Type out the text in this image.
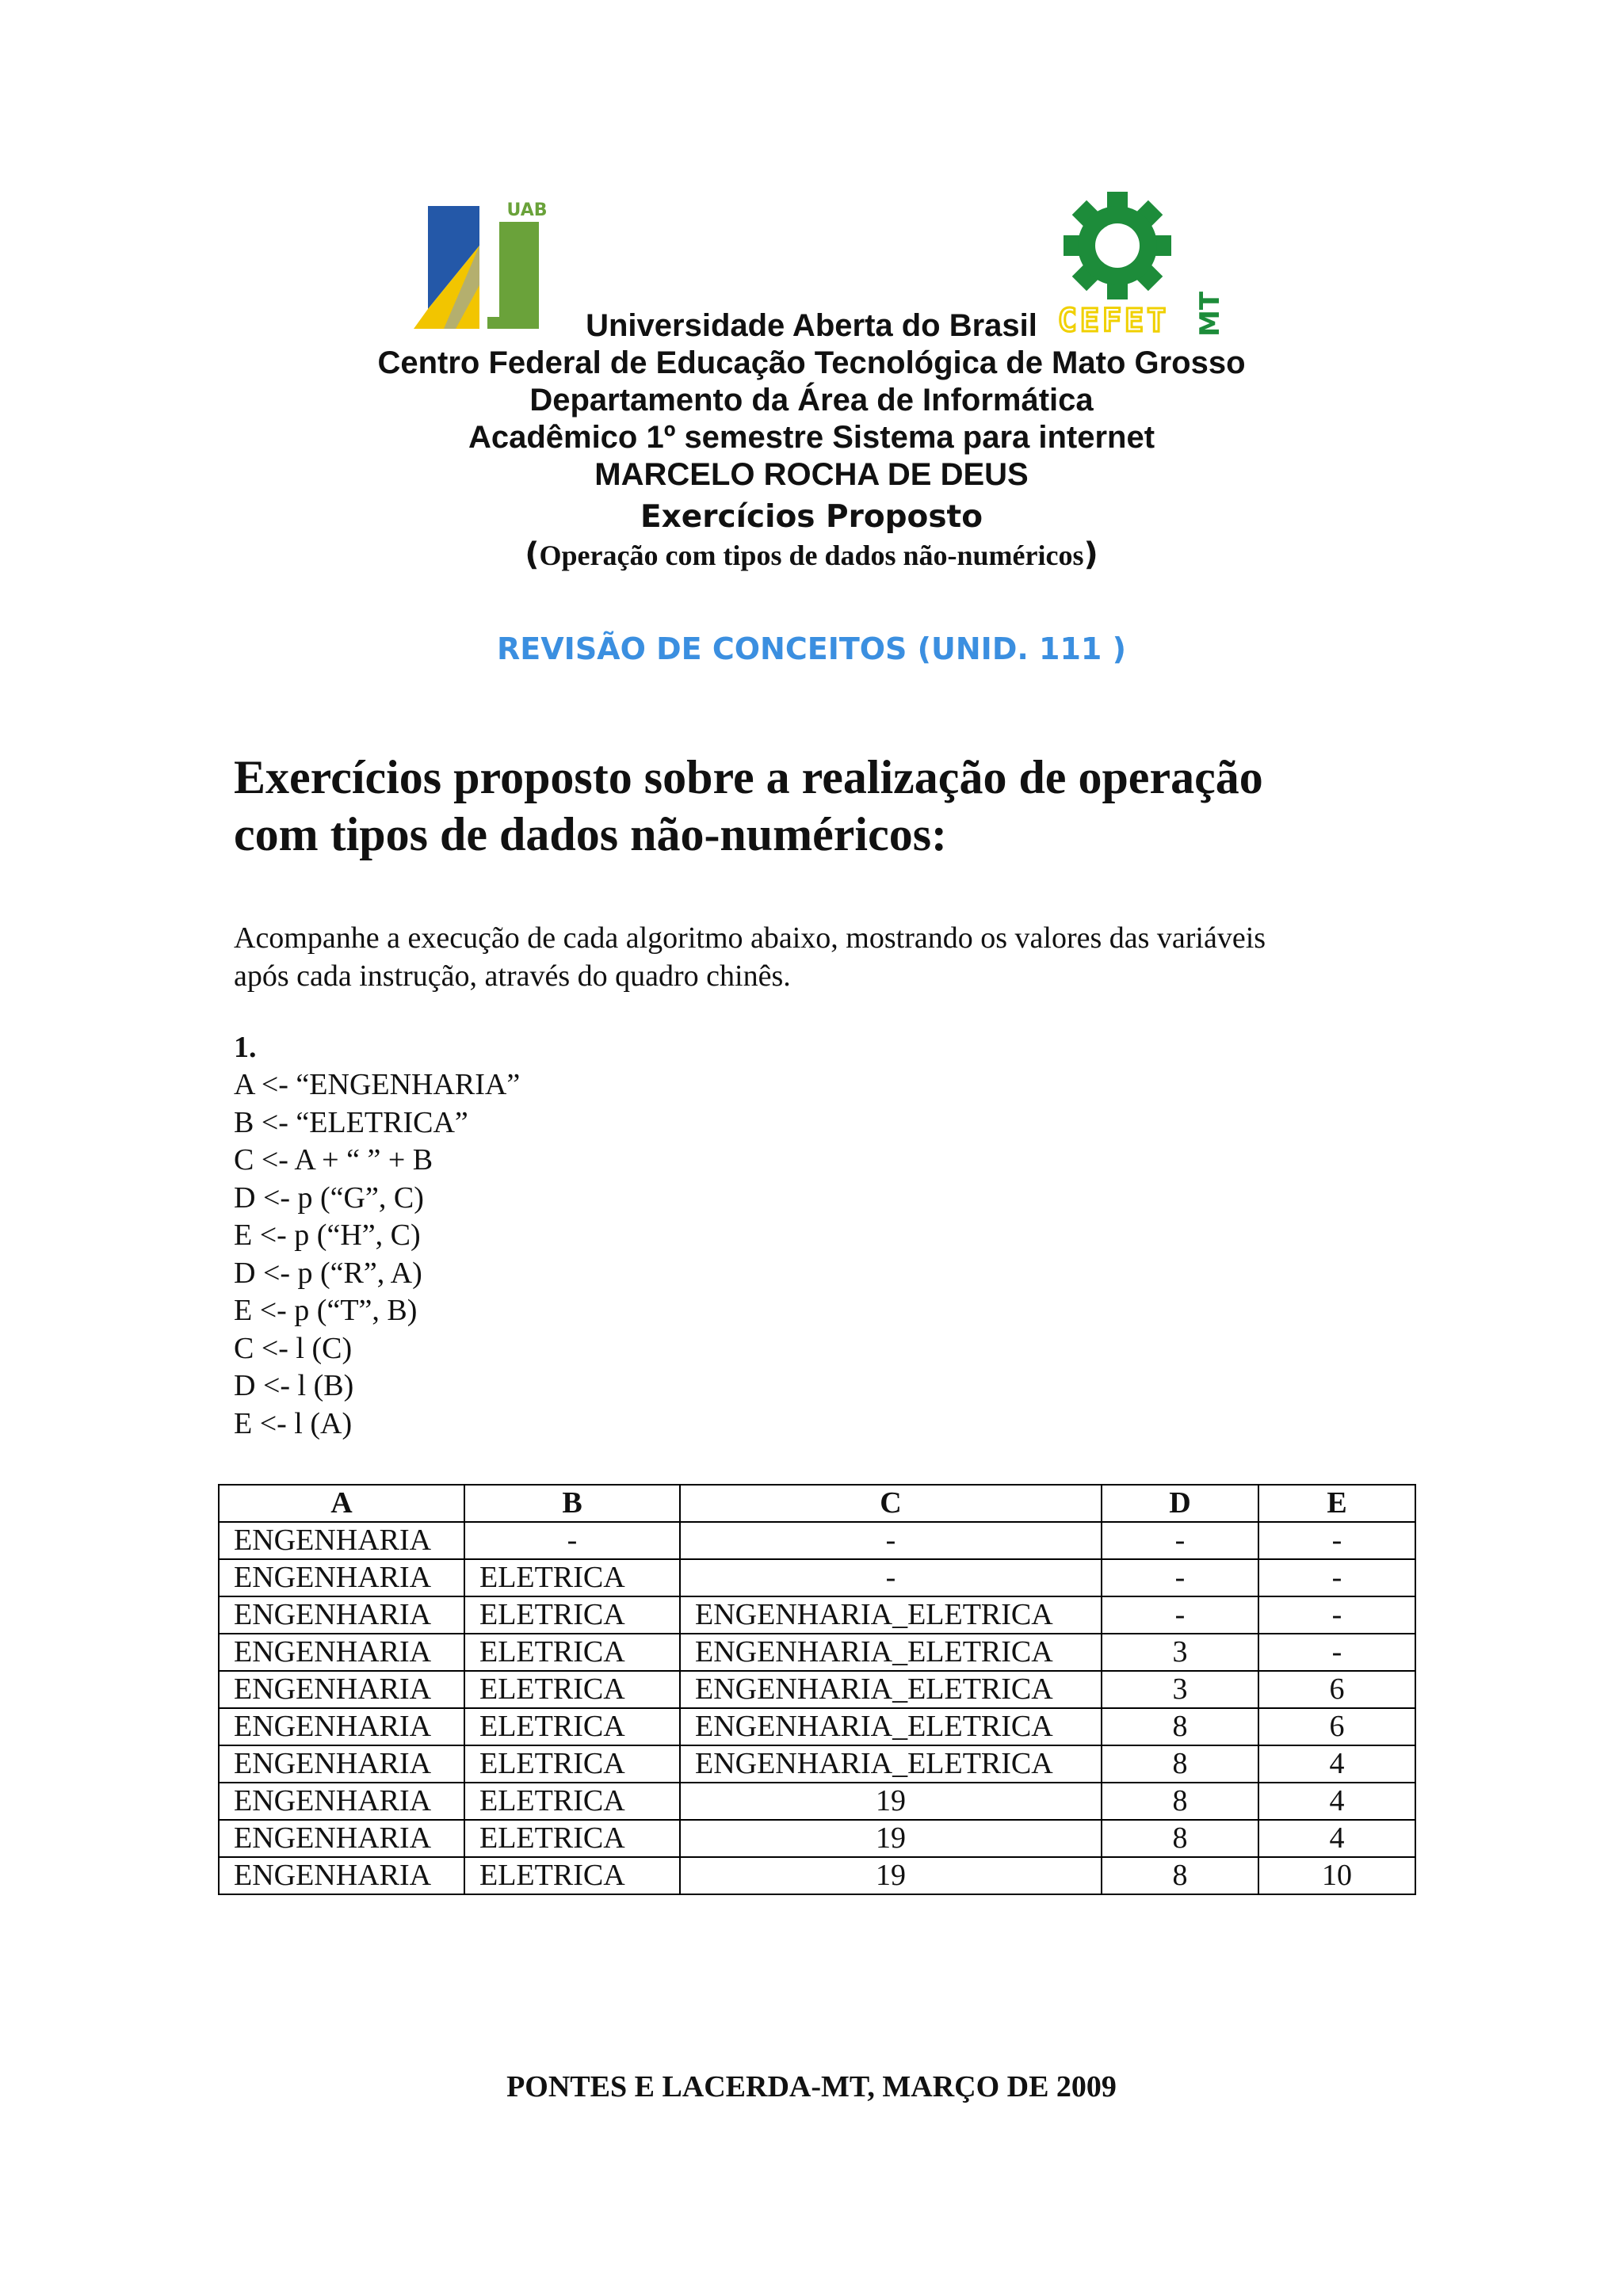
UAB
CEFET MT
Universidade Aberta do Brasil
Centro Federal de Educação Tecnológica de Mato Grosso
Departamento da Área de Informática
Acadêmico 1º semestre Sistema para internet
MARCELO ROCHA DE DEUS
Exercícios Proposto
(Operação com tipos de dados não-numéricos)
REVISÃO DE CONCEITOS (UNID. 111 )
Exercícios proposto sobre a realização de operação
com tipos de dados não-numéricos:
Acompanhe a execução de cada algoritmo abaixo, mostrando os valores das variáveis
após cada instrução, através do quadro chinês.
1.
A <- “ENGENHARIA”
B <- “ELETRICA”
C <- A + “ ” + B
D <- p (“G”, C)
E <- p (“H”, C)
D <- p (“R”, A)
E <- p (“T”, B)
C <- l (C)
D <- l (B)
E <- l (A)
A	B	C	D	E
ENGENHARIA	-	-	-	-
ENGENHARIA	ELETRICA	-	-	-
ENGENHARIA	ELETRICA	ENGENHARIA_ELETRICA	-	-
ENGENHARIA	ELETRICA	ENGENHARIA_ELETRICA	3	-
ENGENHARIA	ELETRICA	ENGENHARIA_ELETRICA	3	6
ENGENHARIA	ELETRICA	ENGENHARIA_ELETRICA	8	6
ENGENHARIA	ELETRICA	ENGENHARIA_ELETRICA	8	4
ENGENHARIA	ELETRICA	19	8	4
ENGENHARIA	ELETRICA	19	8	4
ENGENHARIA	ELETRICA	19	8	10
PONTES E LACERDA-MT, MARÇO DE 2009
